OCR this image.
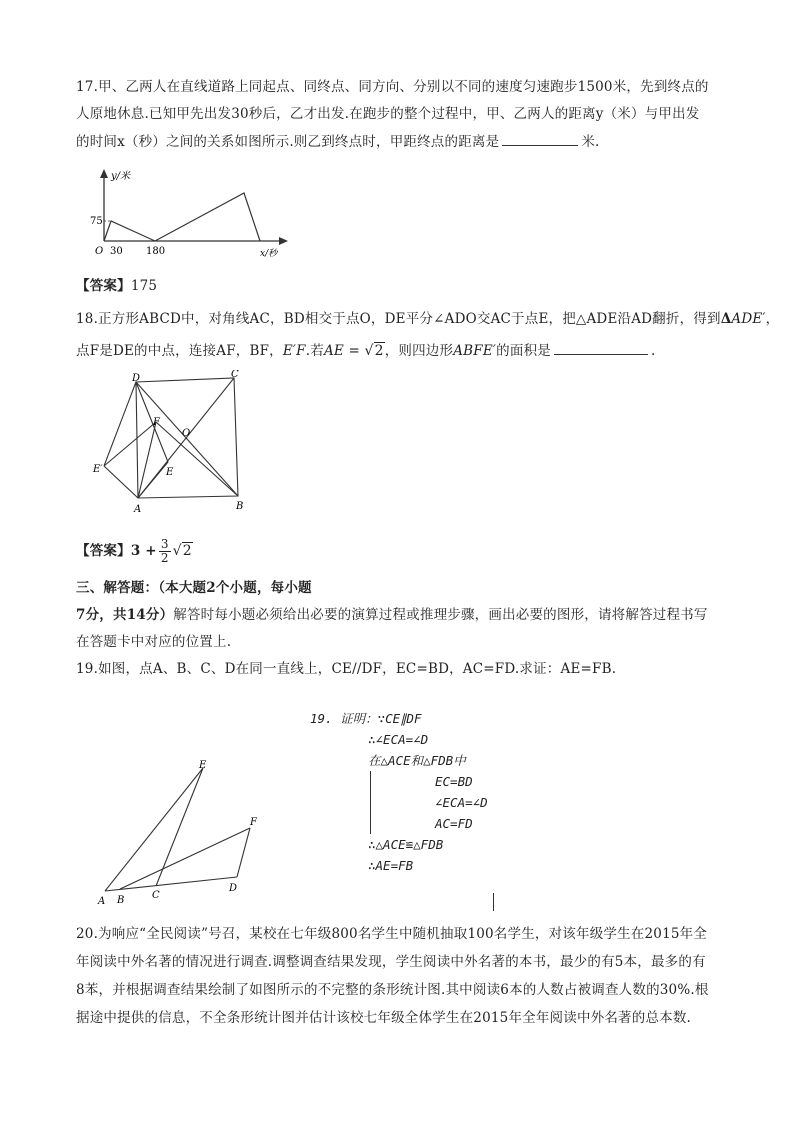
17.甲、乙两人在直线道路上同起点、同终点、同方向、分别以不同的速度匀速跑步1500米，先到终点的
人原地休息.已知甲先出发30秒后，乙才出发.在跑步的整个过程中，甲、乙两人的距离y（米）与甲出发
的时间x（秒）之间的关系如图所示.则乙到终点时，甲距终点的距离是	米.
y/米
75
O 30 180	x/秒
【答案】175
18.正方形ABCD中，对角线AC，BD相交于点O，DE平分∠ADO交AC于点E，把△ADE沿AD翻折，得到ΔADE′，
点F是DE的中点，连接AF，BF，E′F.若AE = √2，则四边形ABFE′的面积是	.
D	C
F
O
E′	E
A	B
【答案】$3 + \frac{3}{2} √2$
三、解答题：（本大题2个小题，每小题
7分，共14分）解答时每小题必须给出必要的演算过程或推理步骤，画出必要的图形，请将解答过程书写
在答题卡中对应的位置上.
19.如图，点A、B、C、D在同一直线上，CE//DF，EC=BD，AC=FD.求证：AE=FB.
E
F
A B	C
D
19. 证明：∵CE∥DF
∴∠ECA=∠D
在△ACE和△FDB中
EC=BD
∠ECA=∠D
AC=FD
∴△ACE≌△FDB
∴AE=FB
20.为响应“全民阅读”号召，某校在七年级800名学生中随机抽取100名学生，对该年级学生在2015年全
年阅读中外名著的情况进行调查.调整调查结果发现，学生阅读中外名著的本书，最少的有5本，最多的有
8苯，并根据调查结果绘制了如图所示的不完整的条形统计图.其中阅读6本的人数占被调查人数的30%.根
据途中提供的信息，不全条形统计图并估计该校七年级全体学生在2015年全年阅读中外名著的总本数.
